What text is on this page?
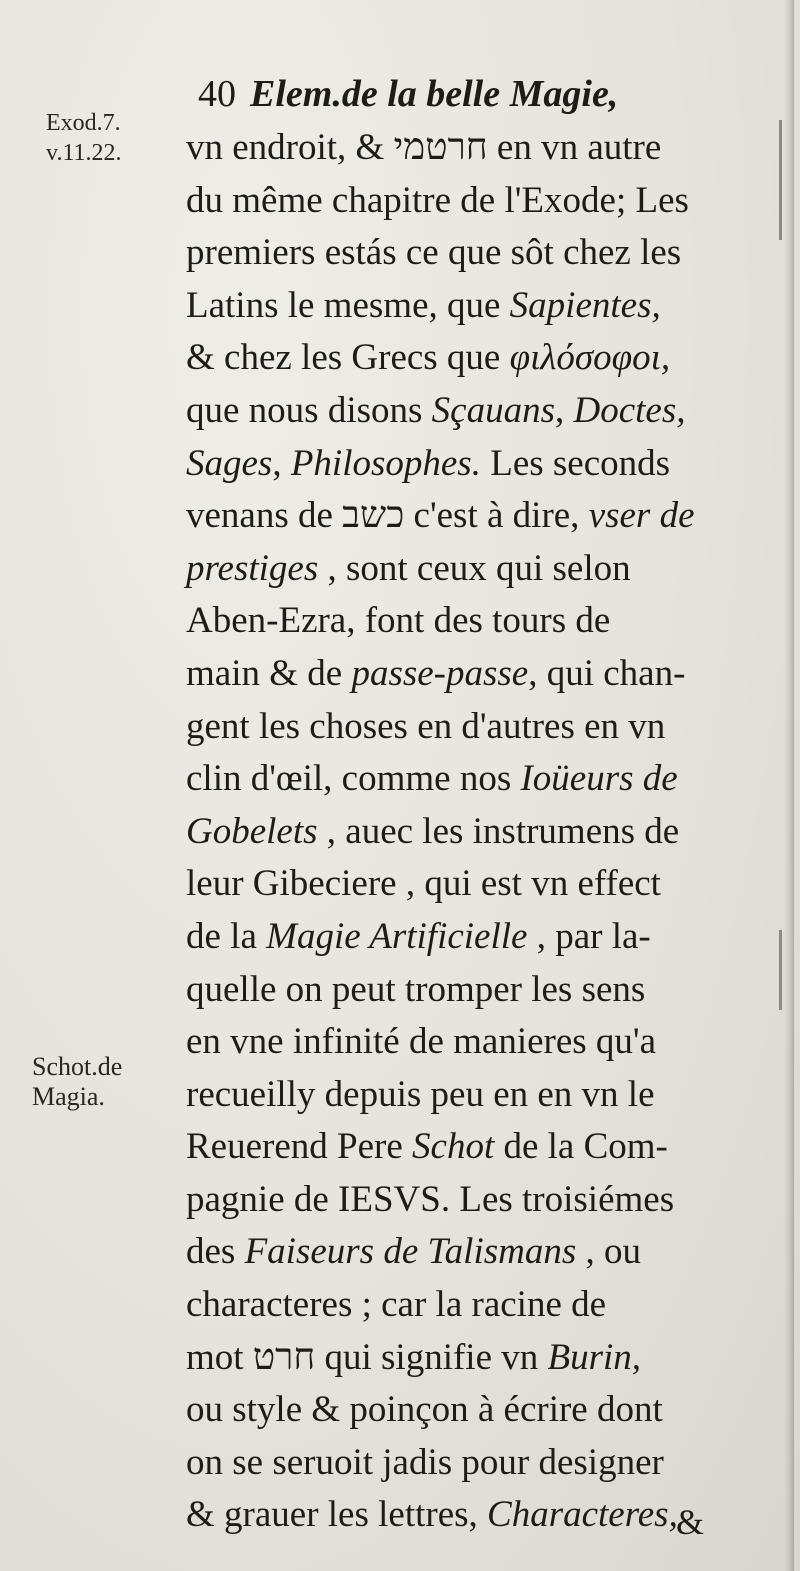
40 Elem.de la belle Magie,
Exod.7.
v.11.22.
Schot.de
Magia.
vn endroit, & חרטמי en vn autre
du même chapitre de l'Exode; Les
premiers estás ce que sôt chez les
Latins le mesme, que Sapientes,
& chez les Grecs que φιλόσοφοι,
que nous disons Sçauans, Doctes,
Sages, Philosophes. Les seconds
venans de כשב c'est à dire, vser de
prestiges , sont ceux qui selon
Aben-Ezra, font des tours de
main & de passe-passe, qui chan-
gent les choses en d'autres en vn
clin d'œil, comme nos Ioüeurs de
Gobelets , auec les instrumens de
leur Gibeciere , qui est vn effect
de la Magie Artificielle , par la-
quelle on peut tromper les sens
en vne infinité de manieres qu'a
recueilly depuis peu en en vn le
Reuerend Pere Schot de la Com-
pagnie de IESVS. Les troisiémes
des Faiseurs de Talismans , ou
characteres ; car la racine de
mot חרט qui signifie vn Burin,
ou style & poinçon à écrire dont
on se seruoit jadis pour designer
& grauer les lettres, Characteres,
&
